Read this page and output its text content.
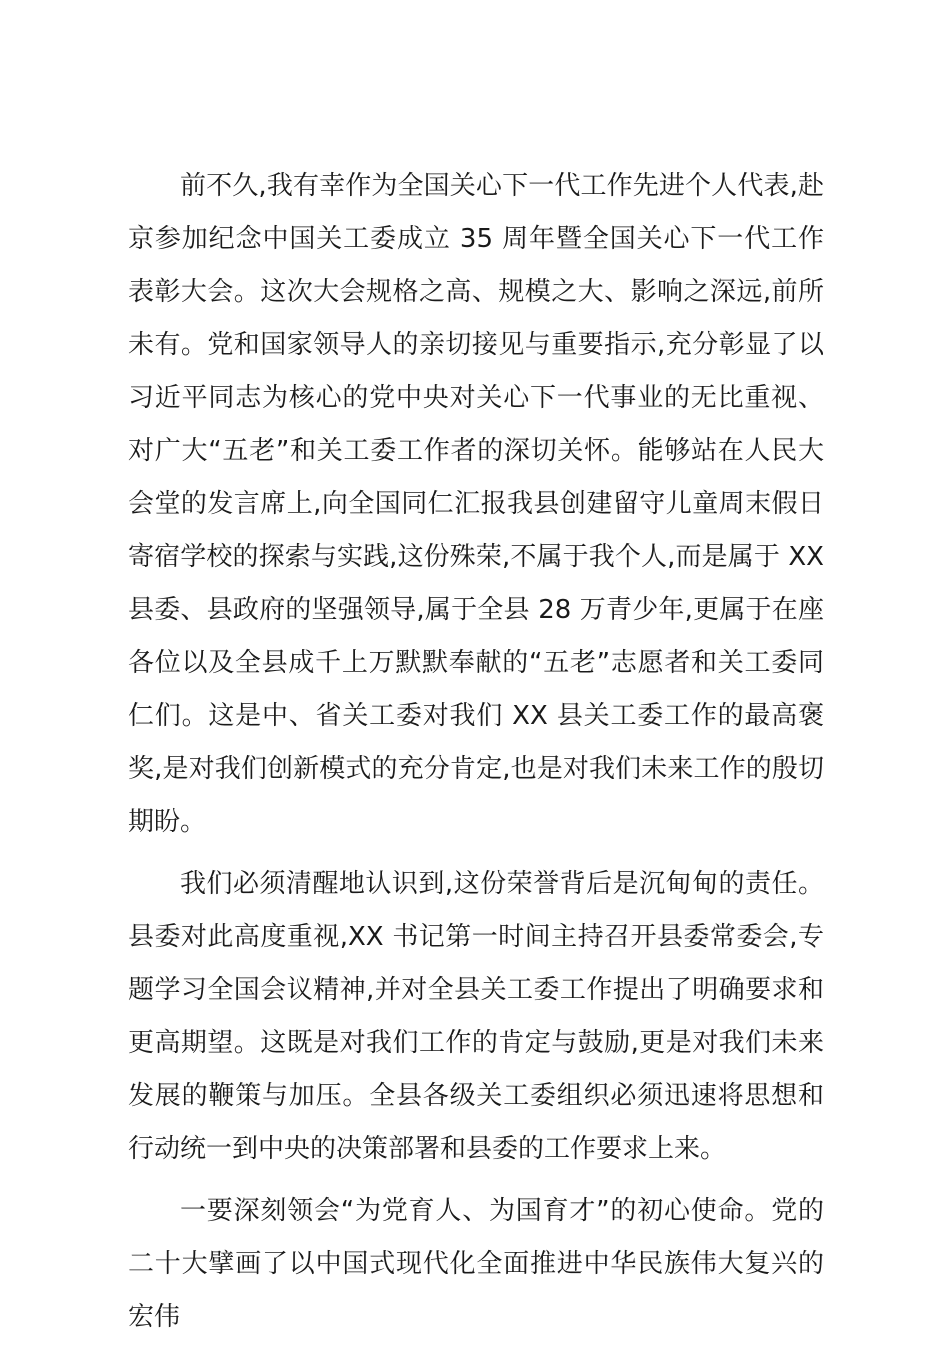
前不久,我有幸作为全国关心下一代工作先进个人代表,赴京参加纪念中国关工委成立 35 周年暨全国关心下一代工作表彰大会。这次大会规格之高、规模之大、影响之深远,前所未有。党和国家领导人的亲切接见与重要指示,充分彰显了以习近平同志为核心的党中央对关心下一代事业的无比重视、对广大“五老”和关工委工作者的深切关怀。能够站在人民大会堂的发言席上,向全国同仁汇报我县创建留守儿童周末假日寄宿学校的探索与实践,这份殊荣,不属于我个人,而是属于 XX 县委、县政府的坚强领导,属于全县 28 万青少年,更属于在座各位以及全县成千上万默默奉献的“五老”志愿者和关工委同仁们。这是中、省关工委对我们 XX 县关工委工作的最高褒奖,是对我们创新模式的充分肯定,也是对我们未来工作的殷切期盼。

我们必须清醒地认识到,这份荣誉背后是沉甸甸的责任。县委对此高度重视,XX 书记第一时间主持召开县委常委会,专题学习全国会议精神,并对全县关工委工作提出了明确要求和更高期望。这既是对我们工作的肯定与鼓励,更是对我们未来发展的鞭策与加压。全县各级关工委组织必须迅速将思想和行动统一到中央的决策部署和县委的工作要求上来。

一要深刻领会“为党育人、为国育才”的初心使命。党的二十大擘画了以中国式现代化全面推进中华民族伟大复兴的宏伟
